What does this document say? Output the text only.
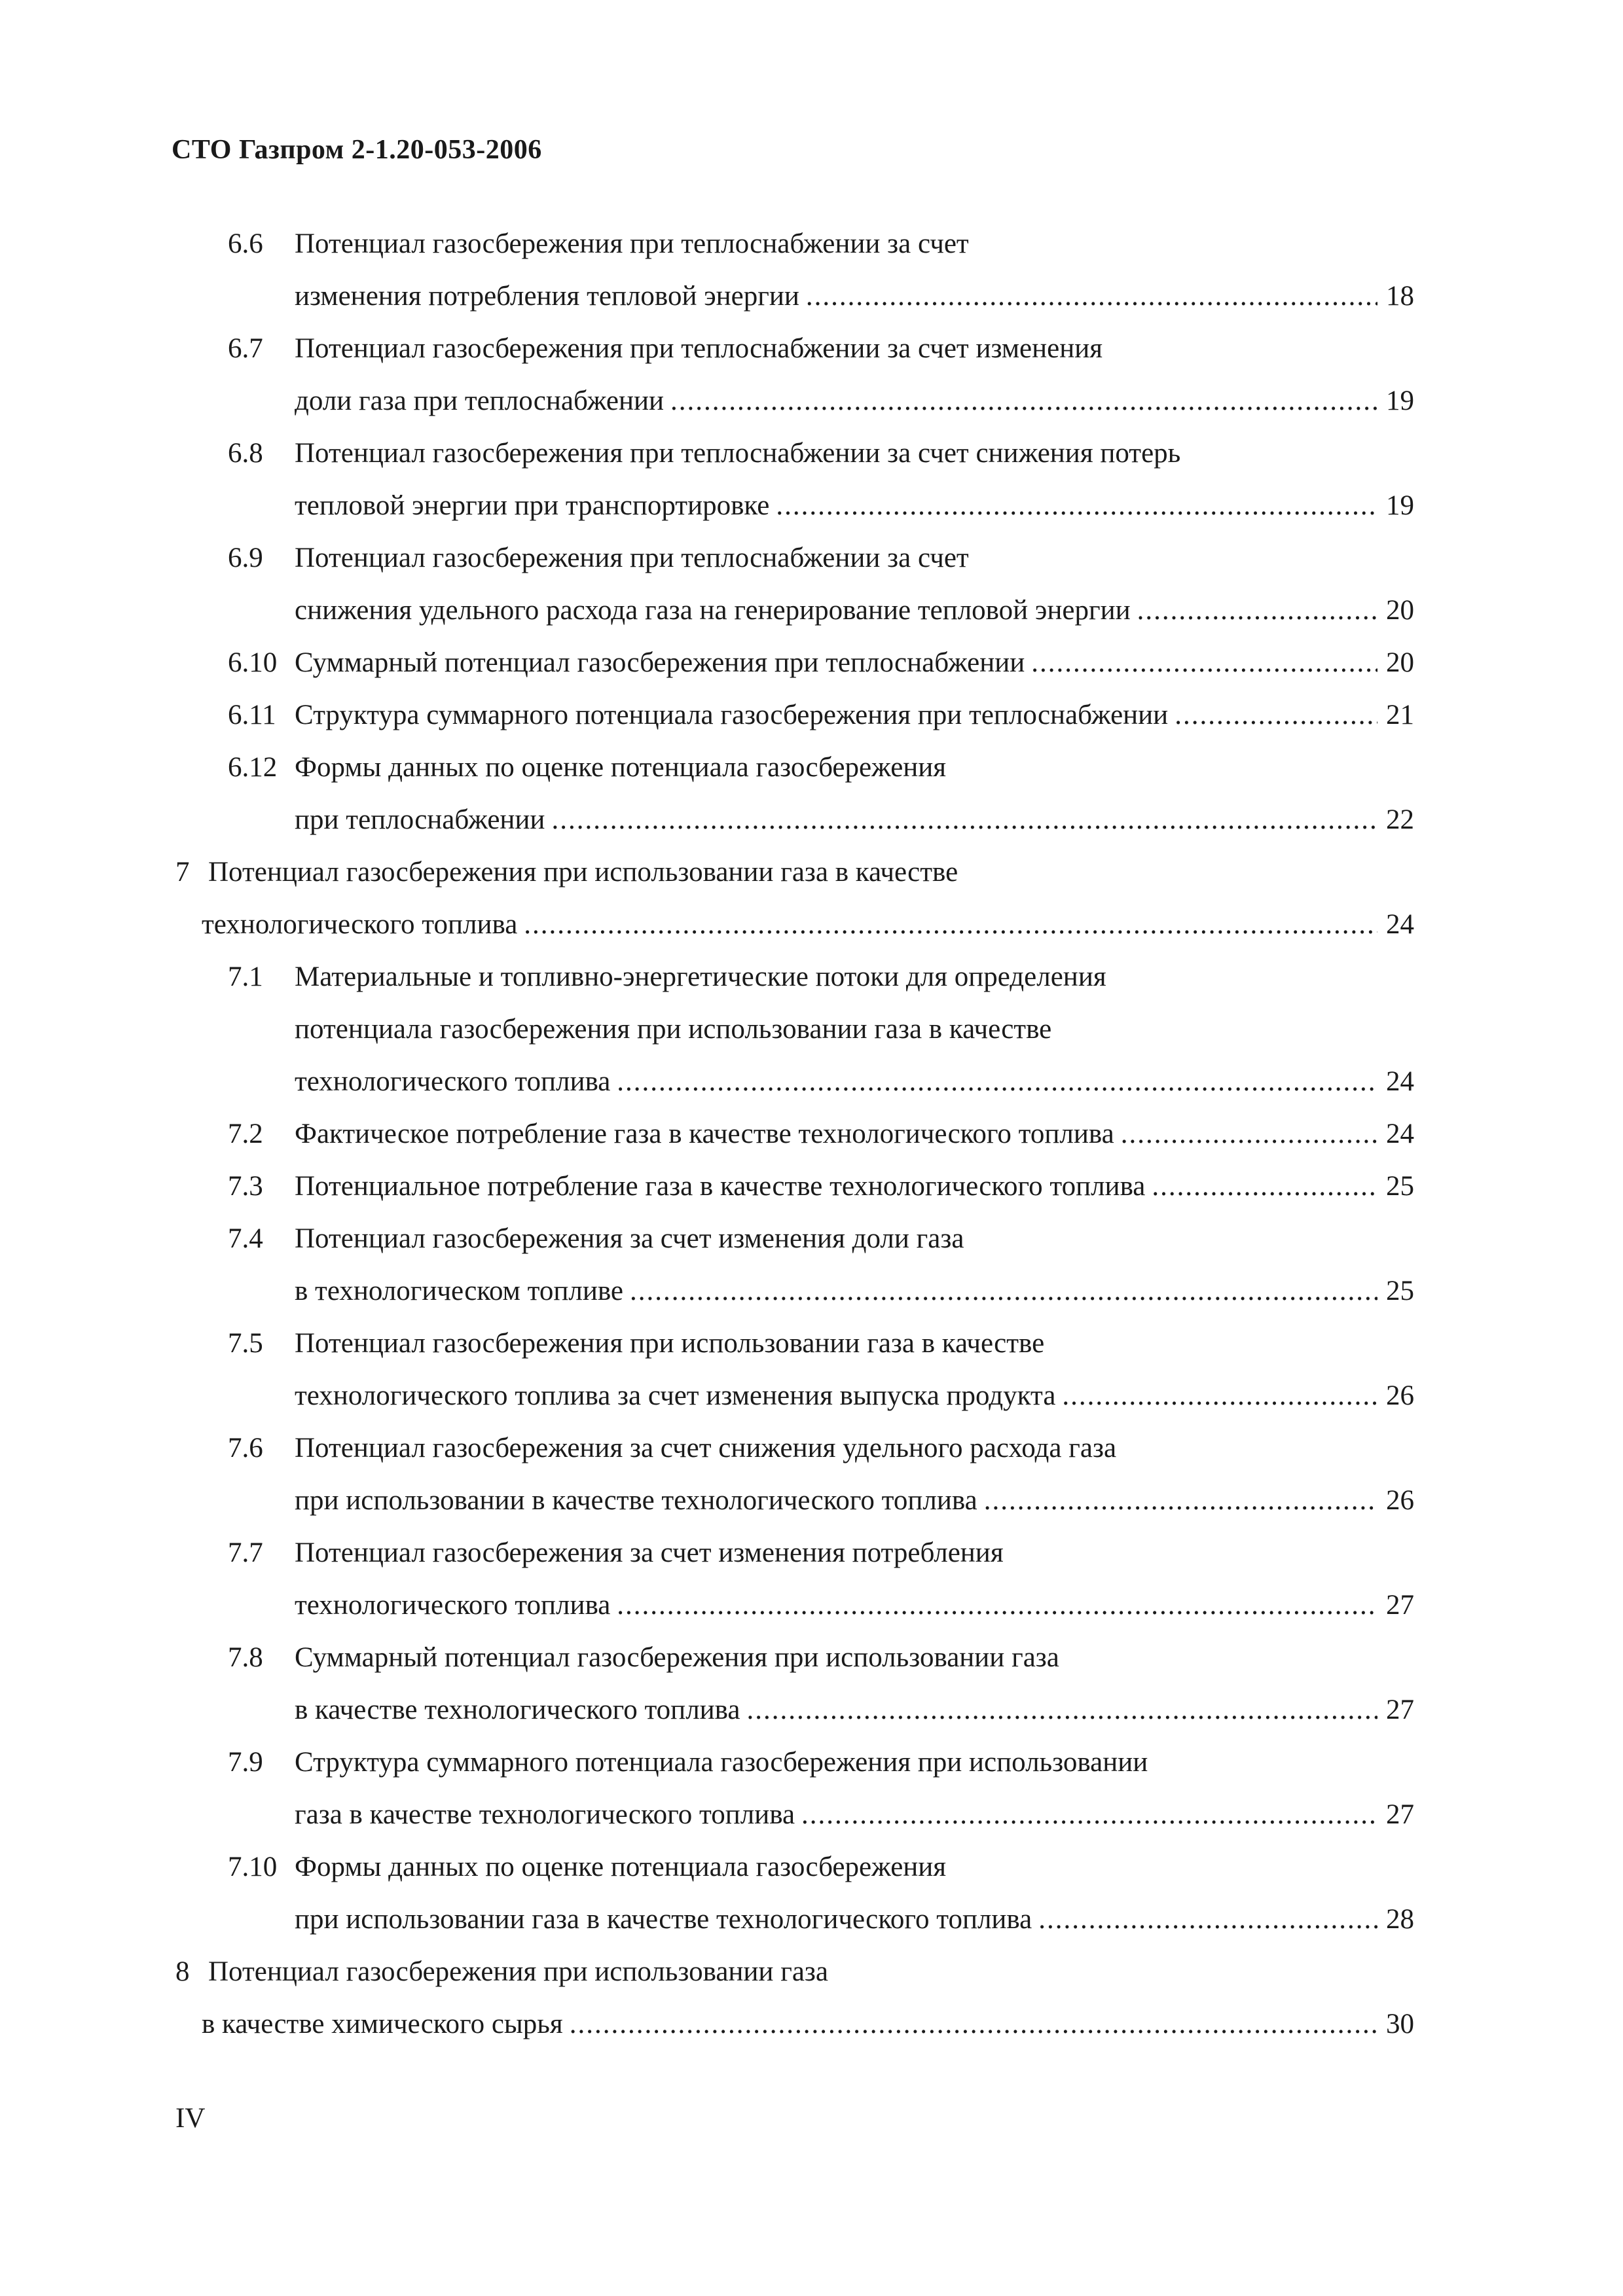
СТО Газпром 2-1.20-053-2006
6.6 Потенциал газосбережения при теплоснабжении за счет
изменения потребления тепловой энергии .....	18
6.7 Потенциал газосбережения при теплоснабжении за счет изменения
доли газа при теплоснабжении .....	19
6.8 Потенциал газосбережения при теплоснабжении за счет снижения потерь
тепловой энергии при транспортировке .....	19
6.9 Потенциал газосбережения при теплоснабжении за счет
снижения удельного расхода газа на генерирование тепловой энергии .....	20
6.10 Суммарный потенциал газосбережения при теплоснабжении .....	20
6.11 Структура суммарного потенциала газосбережения при теплоснабжении .....	21
6.12 Формы данных по оценке потенциала газосбережения
при теплоснабжении .....	22
7 Потенциал газосбережения при использовании газа в качестве
технологического топлива .....	24
7.1 Материальные и топливно-энергетические потоки для определения
потенциала газосбережения при использовании газа в качестве
технологического топлива .....	24
7.2 Фактическое потребление газа в качестве технологического топлива .....	24
7.3 Потенциальное потребление газа в качестве технологического топлива .....	25
7.4 Потенциал газосбережения за счет изменения доли газа
в технологическом топливе .....	25
7.5 Потенциал газосбережения при использовании газа в качестве
технологического топлива за счет изменения выпуска продукта .....	26
7.6 Потенциал газосбережения за счет снижения удельного расхода газа
при использовании в качестве технологического топлива .....	26
7.7 Потенциал газосбережения за счет изменения потребления
технологического топлива .....	27
7.8 Суммарный потенциал газосбережения при использовании газа
в качестве технологического топлива .....	27
7.9 Структура суммарного потенциала газосбережения при использовании
газа в качестве технологического топлива .....	27
7.10 Формы данных по оценке потенциала газосбережения
при использовании газа в качестве технологического топлива .....	28
8 Потенциал газосбережения при использовании газа
в качестве химического сырья .....	30
IV
